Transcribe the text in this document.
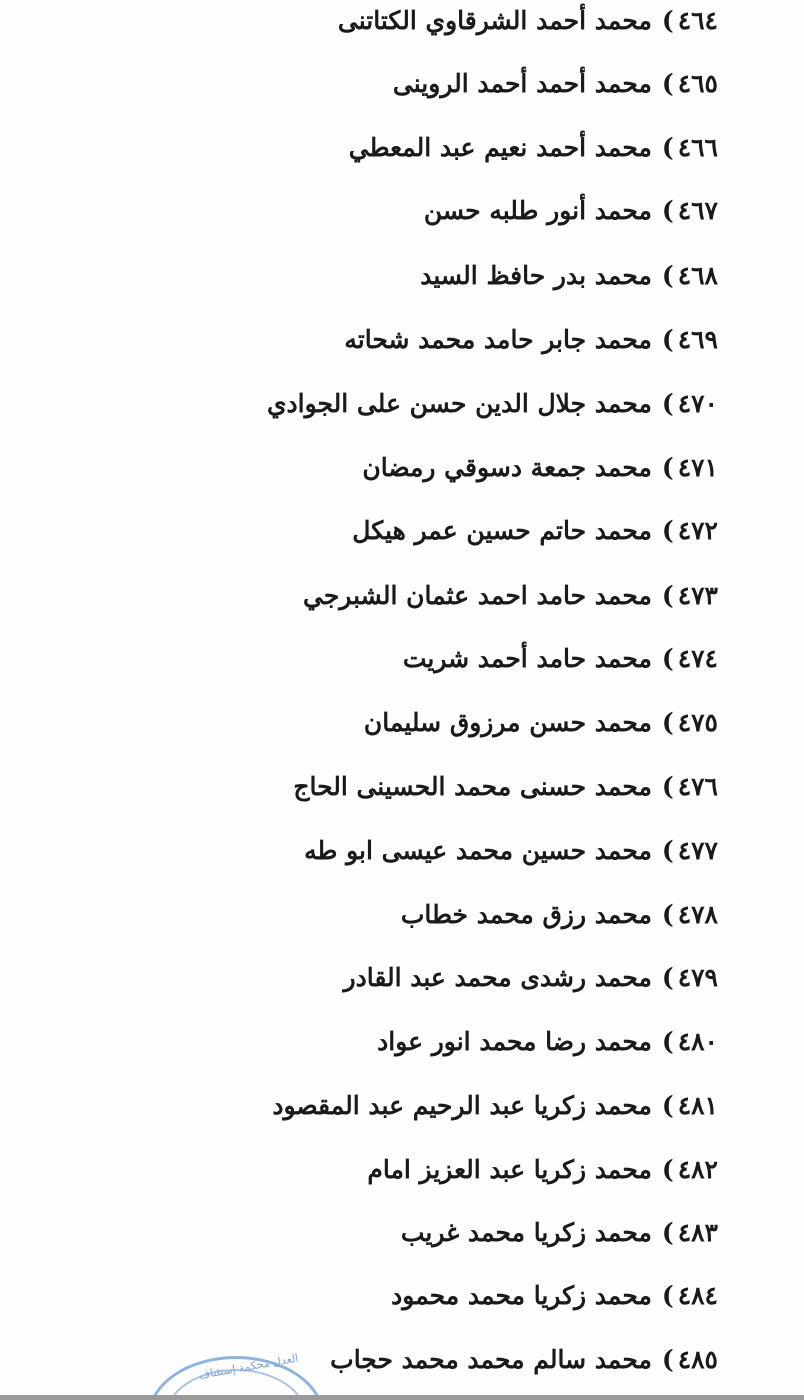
٤٦٤)محمد أحمد الشرقاوي الكتاتنى
٤٦٥)محمد أحمد أحمد الروينى
٤٦٦)محمد أحمد نعيم عبد المعطي
٤٦٧)محمد أنور طلبه حسن
٤٦٨)محمد بدر حافظ السيد
٤٦٩)محمد جابر حامد محمد شحاته
٤٧٠)محمد جلال الدين حسن على الجوادي
٤٧١)محمد جمعة دسوقي رمضان
٤٧٢)محمد حاتم حسين عمر هيكل
٤٧٣)محمد حامد احمد عثمان الشبرجي
٤٧٤)محمد حامد أحمد شريت
٤٧٥)محمد حسن مرزوق سليمان
٤٧٦)محمد حسنى محمد الحسينى الحاج
٤٧٧)محمد حسين محمد عيسى ابو طه
٤٧٨)محمد رزق محمد خطاب
٤٧٩)محمد رشدى محمد عبد القادر
٤٨٠)محمد رضا محمد انور عواد
٤٨١)محمد زكريا عبد الرحيم عبد المقصود
٤٨٢)محمد زكريا عبد العزيز امام
٤٨٣)محمد زكريا محمد غريب
٤٨٤)محمد زكريا محمد محمود
٤٨٥)محمد سالم محمد محمد حجاب
العدل محكمة إستئناف
